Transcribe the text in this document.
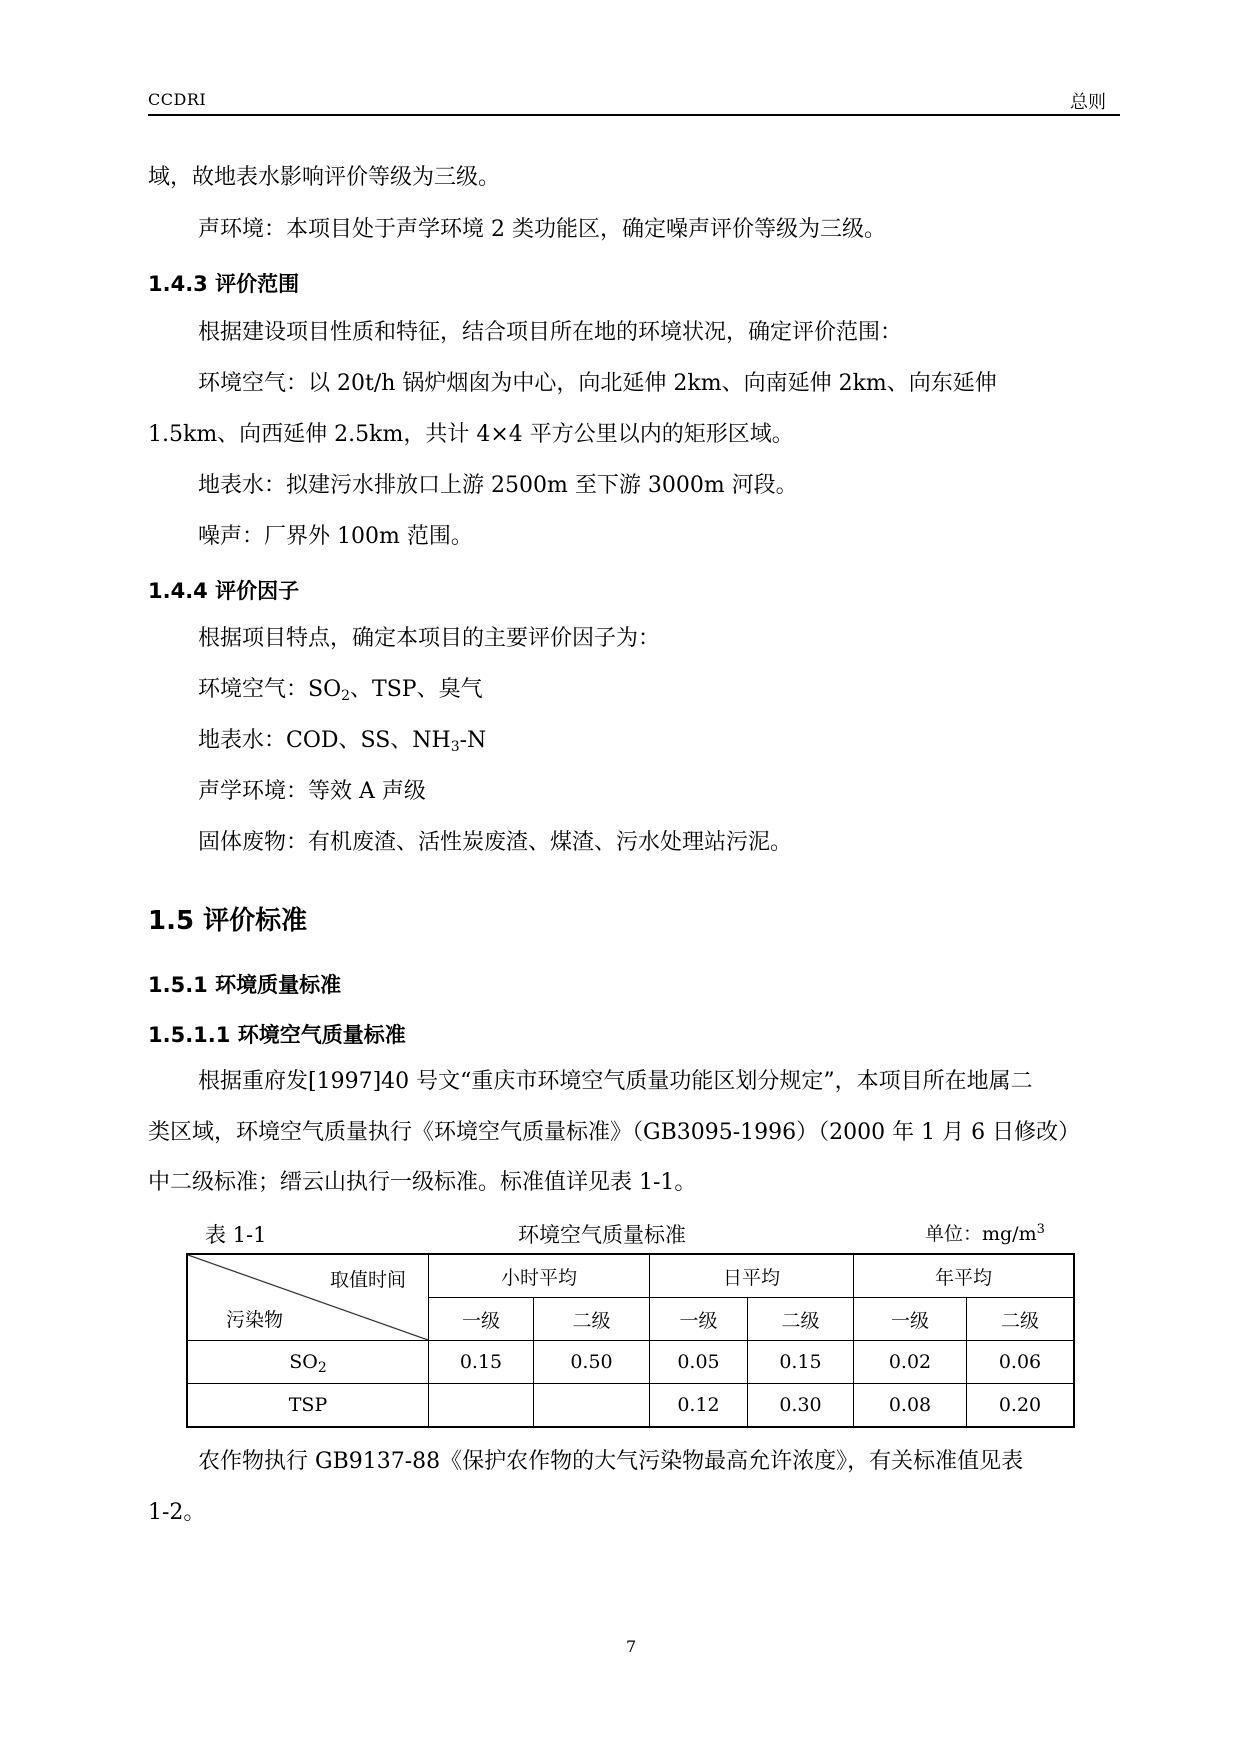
CCDRI	总则
域，故地表水影响评价等级为三级。
声环境：本项目处于声学环境 2 类功能区，确定噪声评价等级为三级。
1.4.3 评价范围
根据建设项目性质和特征，结合项目所在地的环境状况，确定评价范围：
环境空气：以 20t/h 锅炉烟囱为中心，向北延伸 2km、向南延伸 2km、向东延伸
1.5km、向西延伸 2.5km，共计 4×4 平方公里以内的矩形区域。
地表水：拟建污水排放口上游 2500m 至下游 3000m 河段。
噪声：厂界外 100m 范围。
1.4.4 评价因子
根据项目特点，确定本项目的主要评价因子为：
环境空气：$SO_2$、TSP、臭气
地表水：COD、SS、$NH_3-N$
声学环境：等效 A 声级
固体废物：有机废渣、活性炭废渣、煤渣、污水处理站污泥。
1.5 评价标准
1.5.1 环境质量标准
1.5.1.1 环境空气质量标准
根据重府发[1997]40 号文“重庆市环境空气质量功能区划分规定”，本项目所在地属二
类区域，环境空气质量执行《环境空气质量标准》（GB3095-1996）（2000 年 1 月 6 日修改）
中二级标准；缙云山执行一级标准。标准值详见表 1-1。
表 1-1	环境空气质量标准	单位：$mg/m^3$
取值时间
污染物	小时平均		日平均		年平均	
	一级	二级	一级	二级	一级	二级
$SO_2$	0.15	0.50	0.05	0.15	0.02	0.06
TSP			0.12	0.30	0.08	0.20
农作物执行 GB9137-88《保护农作物的大气污染物最高允许浓度》，有关标准值见表
1-2。
7
